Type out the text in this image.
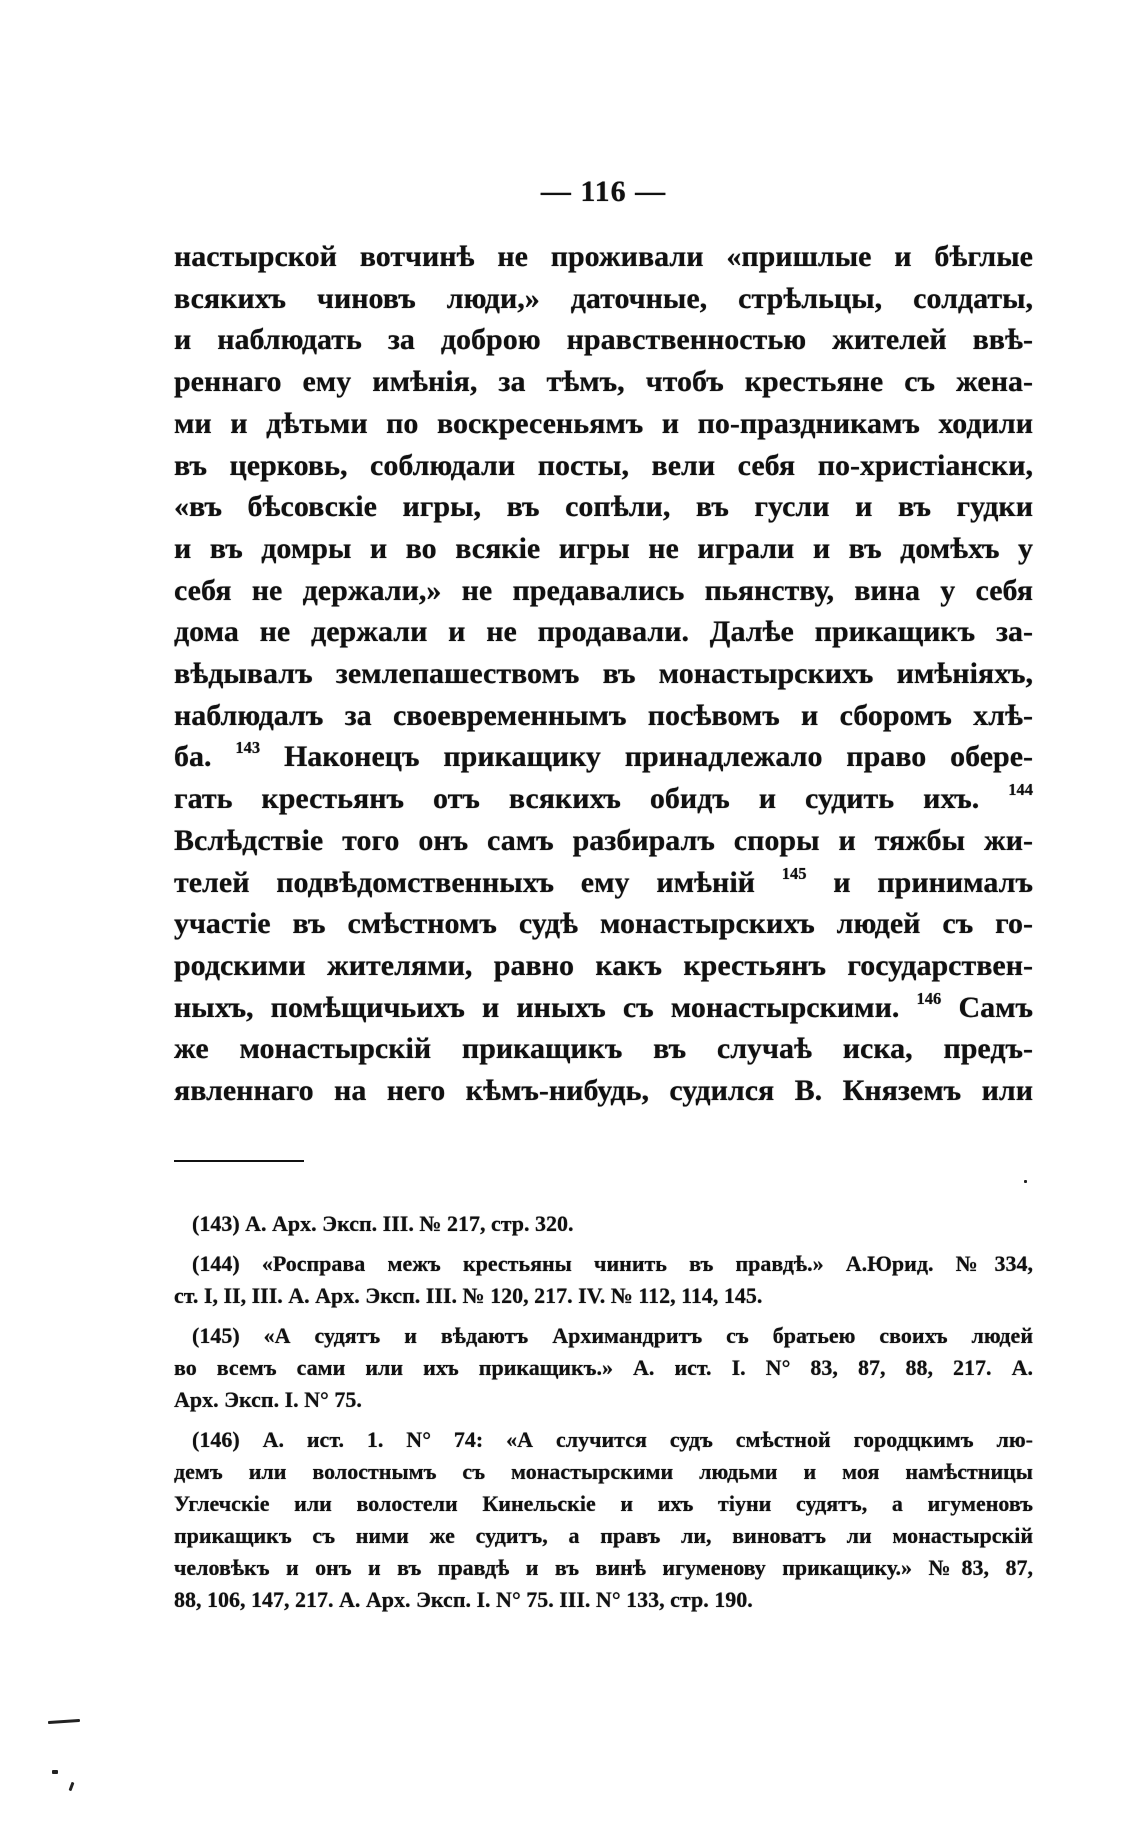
— 116 —
настырской вотчинѣ не проживали «пришлые и бѣглые
всякихъ чиновъ люди,» даточные, стрѣльцы, солдаты,
и наблюдать за доброю нравственностью жителей ввѣ-
реннаго ему имѣнія, за тѣмъ, чтобъ крестьяне съ жена-
ми и дѣтьми по воскресеньямъ и по-праздникамъ ходили
въ церковь, соблюдали посты, вели себя по-христіански,
«въ бѣсовскіе игры, въ сопѣли, въ гусли и въ гудки
и въ домры и во всякіе игры не играли и въ домѣхъ у
себя не держали,» не предавались пьянству, вина у себя
дома не держали и не продавали. Далѣе прикащикъ за-
вѣдывалъ землепашествомъ въ монастырскихъ имѣніяхъ,
наблюдалъ за своевременнымъ посѣвомъ и сборомъ хлѣ-
ба. $^{143}$ Наконецъ прикащику принадлежало право обере-
гать крестьянъ отъ всякихъ обидъ и судить ихъ. $^{144}$
Вслѣдствіе того онъ самъ разбиралъ споры и тяжбы жи-
телей подвѣдомственныхъ ему имѣній $^{145}$ и принималъ
участіе въ смѣстномъ судѣ монастырскихъ людей съ го-
родскими жителями, равно какъ крестьянъ государствен-
ныхъ, помѣщичьихъ и иныхъ съ монастырскими. $^{146}$ Самъ
же монастырскій прикащикъ въ случаѣ иска, предъ-
явленнаго на него кѣмъ-нибудь, судился В. Княземъ или
(143) А. Арх. Эксп. III. № 217, стр. 320.
(144) «Росправа межъ крестьяны чинить въ правдѣ.» А.Юрид. №334,
ст. I, II, III. А. Арх. Эксп. III. № 120, 217. IV. № 112, 114, 145.
(145) «А судятъ и вѣдаютъ Архимандритъ съ братьею своихъ людей
во всемъ сами или ихъ прикащикъ.» А. ист. I. N° 83, 87, 88, 217. А.
Арх. Эксп. I. N° 75.
(146) А. ист. 1. N° 74: «А случится судъ смѣстной городцкимъ лю-
демъ или волостнымъ съ монастырскими людьми и моя намѣстницы
Углечскіе или волостели Кинельскіе и ихъ тіуни судятъ, а игуменовъ
прикащикъ съ ними же судитъ, а правъ ли, виноватъ ли монастырскій
человѣкъ и онъ и въ правдѣ и въ винѣ игуменову прикащику.» №83, 87,
88, 106, 147, 217. А. Арх. Эксп. I. N° 75. III. N° 133, стр. 190.
